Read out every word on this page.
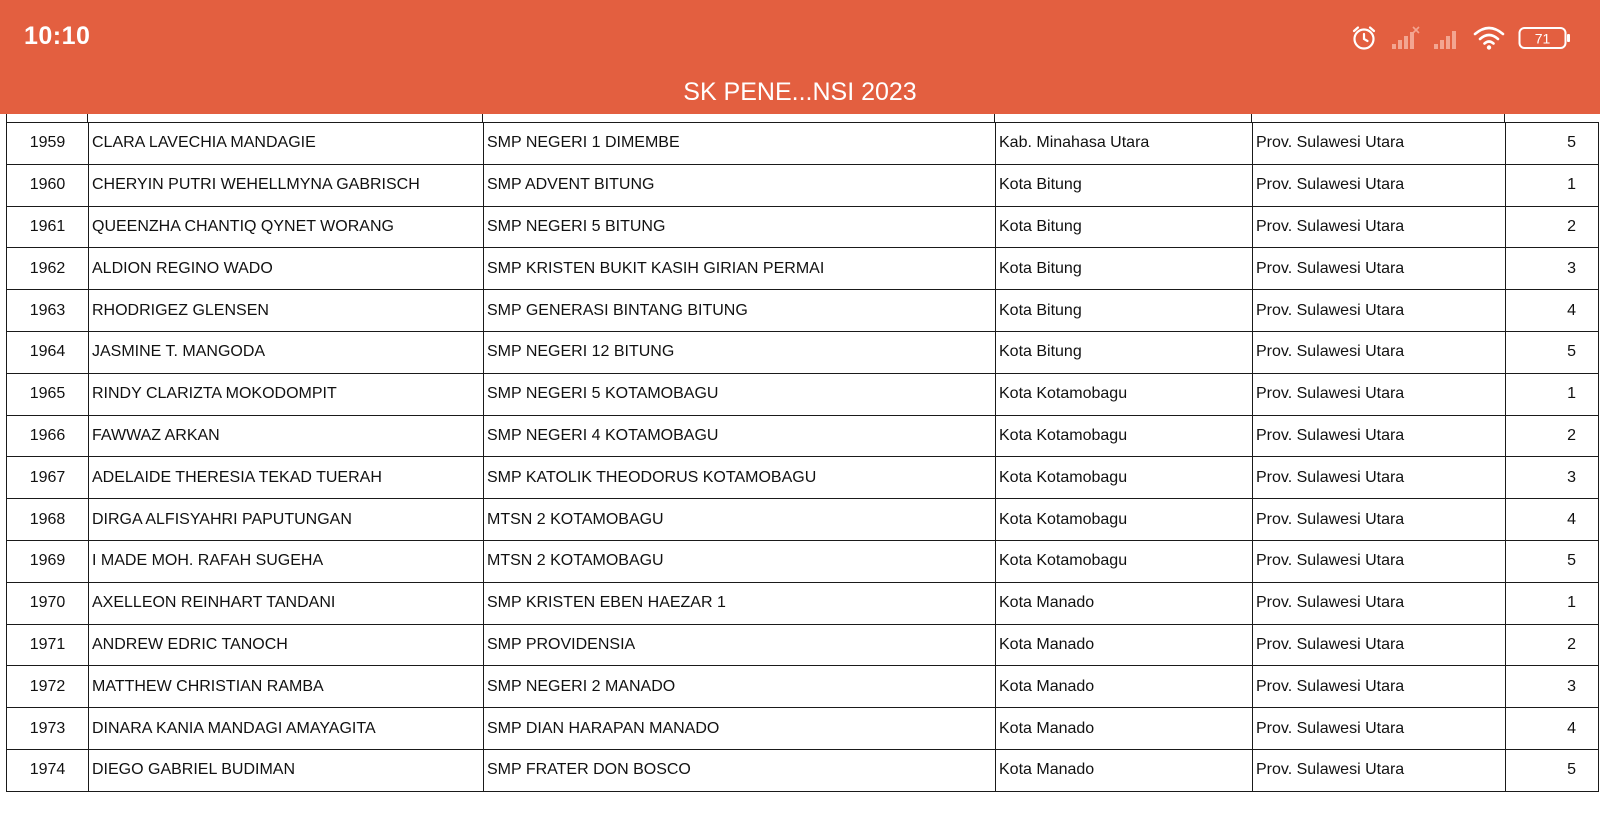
10:10	71
SK PENE...NSI 2023
1959	CLARA LAVECHIA MANDAGIE	SMP NEGERI 1 DIMEMBE	Kab. Minahasa Utara	Prov. Sulawesi Utara	5
1960	CHERYIN PUTRI WEHELLMYNA GABRISCH	SMP ADVENT BITUNG	Kota Bitung	Prov. Sulawesi Utara	1
1961	QUEENZHA CHANTIQ QYNET WORANG	SMP NEGERI 5 BITUNG	Kota Bitung	Prov. Sulawesi Utara	2
1962	ALDION REGINO WADO	SMP KRISTEN BUKIT KASIH GIRIAN PERMAI	Kota Bitung	Prov. Sulawesi Utara	3
1963	RHODRIGEZ GLENSEN	SMP GENERASI BINTANG BITUNG	Kota Bitung	Prov. Sulawesi Utara	4
1964	JASMINE T. MANGODA	SMP NEGERI 12 BITUNG	Kota Bitung	Prov. Sulawesi Utara	5
1965	RINDY CLARIZTA MOKODOMPIT	SMP NEGERI 5 KOTAMOBAGU	Kota Kotamobagu	Prov. Sulawesi Utara	1
1966	FAWWAZ ARKAN	SMP NEGERI 4 KOTAMOBAGU	Kota Kotamobagu	Prov. Sulawesi Utara	2
1967	ADELAIDE THERESIA TEKAD TUERAH	SMP KATOLIK THEODORUS KOTAMOBAGU	Kota Kotamobagu	Prov. Sulawesi Utara	3
1968	DIRGA ALFISYAHRI PAPUTUNGAN	MTSN 2 KOTAMOBAGU	Kota Kotamobagu	Prov. Sulawesi Utara	4
1969	I MADE MOH. RAFAH SUGEHA	MTSN 2 KOTAMOBAGU	Kota Kotamobagu	Prov. Sulawesi Utara	5
1970	AXELLEON REINHART TANDANI	SMP KRISTEN EBEN HAEZAR 1	Kota Manado	Prov. Sulawesi Utara	1
1971	ANDREW EDRIC TANOCH	SMP PROVIDENSIA	Kota Manado	Prov. Sulawesi Utara	2
1972	MATTHEW CHRISTIAN RAMBA	SMP NEGERI 2 MANADO	Kota Manado	Prov. Sulawesi Utara	3
1973	DINARA KANIA MANDAGI AMAYAGITA	SMP DIAN HARAPAN MANADO	Kota Manado	Prov. Sulawesi Utara	4
1974	DIEGO GABRIEL BUDIMAN	SMP FRATER DON BOSCO	Kota Manado	Prov. Sulawesi Utara	5
